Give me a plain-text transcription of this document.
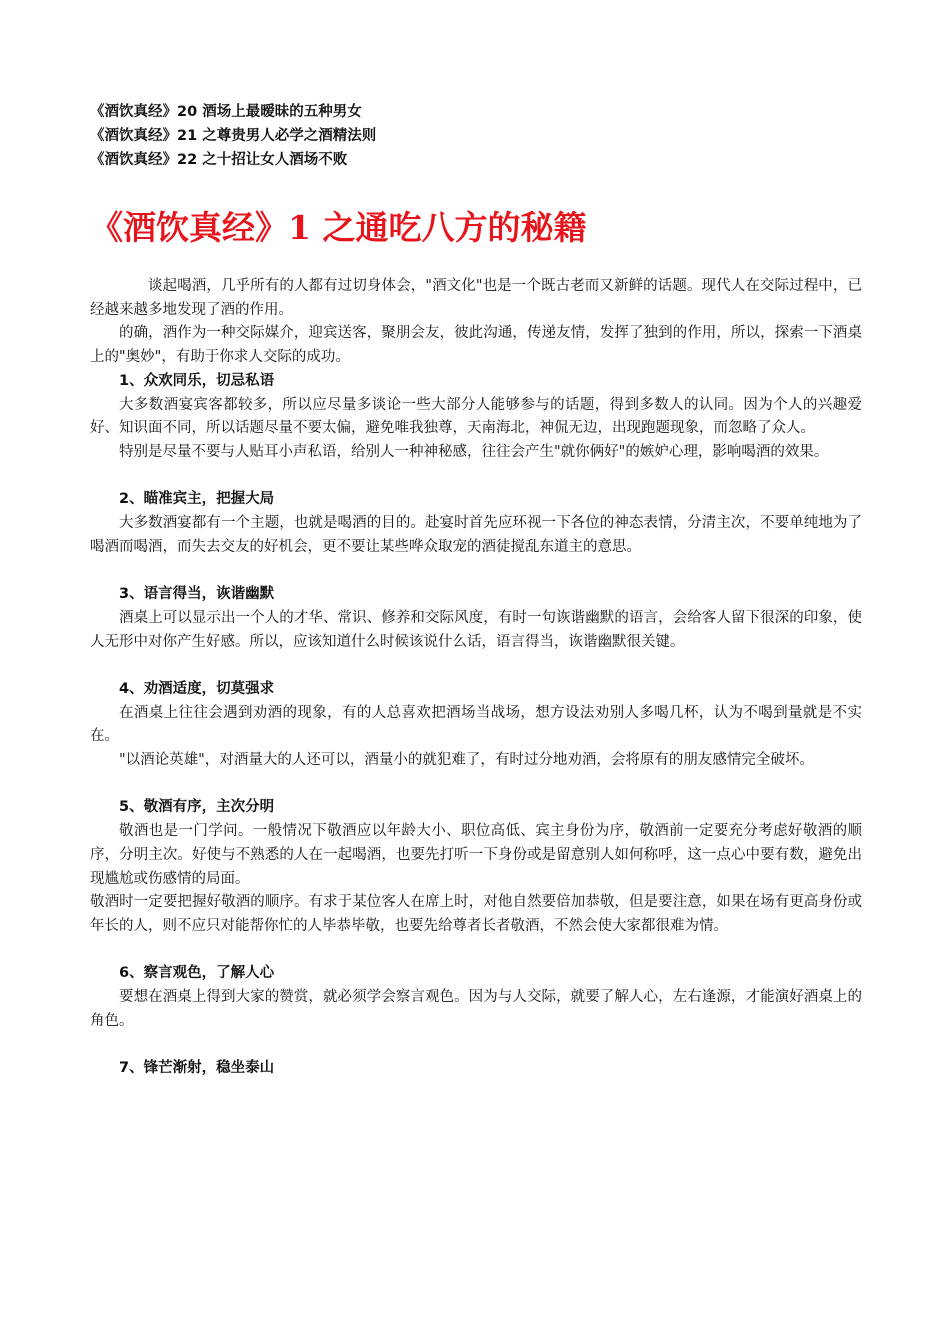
《酒饮真经》20 酒场上最暧昧的五种男女
《酒饮真经》21 之尊贵男人必学之酒精法则
《酒饮真经》22 之十招让女人酒场不败
《酒饮真经》1 之通吃八方的秘籍

谈起喝酒，几乎所有的人都有过切身体会，"酒文化"也是一个既古老而又新鲜的话题。现代人在交际过程中，已经越来越多地发现了酒的作用。

的确，酒作为一种交际媒介，迎宾送客，聚朋会友，彼此沟通，传递友情，发挥了独到的作用，所以，探索一下酒桌上的"奥妙"，有助于你求人交际的成功。

1、众欢同乐，切忌私语

大多数酒宴宾客都较多，所以应尽量多谈论一些大部分人能够参与的话题，得到多数人的认同。因为个人的兴趣爱好、知识面不同，所以话题尽量不要太偏，避免唯我独尊，天南海北，神侃无边，出现跑题现象，而忽略了众人。

特别是尽量不要与人贴耳小声私语，给别人一种神秘感，往往会产生"就你俩好"的嫉妒心理，影响喝酒的效果。

2、瞄准宾主，把握大局

大多数酒宴都有一个主题，也就是喝酒的目的。赴宴时首先应环视一下各位的神态表情，分清主次，不要单纯地为了喝酒而喝酒，而失去交友的好机会，更不要让某些哗众取宠的酒徒搅乱东道主的意思。

3、语言得当，诙谐幽默

酒桌上可以显示出一个人的才华、常识、修养和交际风度，有时一句诙谐幽默的语言，会给客人留下很深的印象，使人无形中对你产生好感。所以，应该知道什么时候该说什么话，语言得当，诙谐幽默很关键。

4、劝酒适度，切莫强求

在酒桌上往往会遇到劝酒的现象，有的人总喜欢把酒场当战场，想方设法劝别人多喝几杯，认为不喝到量就是不实在。

"以酒论英雄"，对酒量大的人还可以，酒量小的就犯难了，有时过分地劝酒，会将原有的朋友感情完全破坏。

5、敬酒有序，主次分明

敬酒也是一门学问。一般情况下敬酒应以年龄大小、职位高低、宾主身份为序，敬酒前一定要充分考虑好敬酒的顺序，分明主次。好使与不熟悉的人在一起喝酒，也要先打听一下身份或是留意别人如何称呼，这一点心中要有数，避免出现尴尬或伤感情的局面。

敬酒时一定要把握好敬酒的顺序。有求于某位客人在席上时，对他自然要倍加恭敬，但是要注意，如果在场有更高身份或年长的人，则不应只对能帮你忙的人毕恭毕敬，也要先给尊者长者敬酒，不然会使大家都很难为情。

6、察言观色，了解人心

要想在酒桌上得到大家的赞赏，就必须学会察言观色。因为与人交际，就要了解人心，左右逢源，才能演好酒桌上的角色。

7、锋芒渐射，稳坐泰山
